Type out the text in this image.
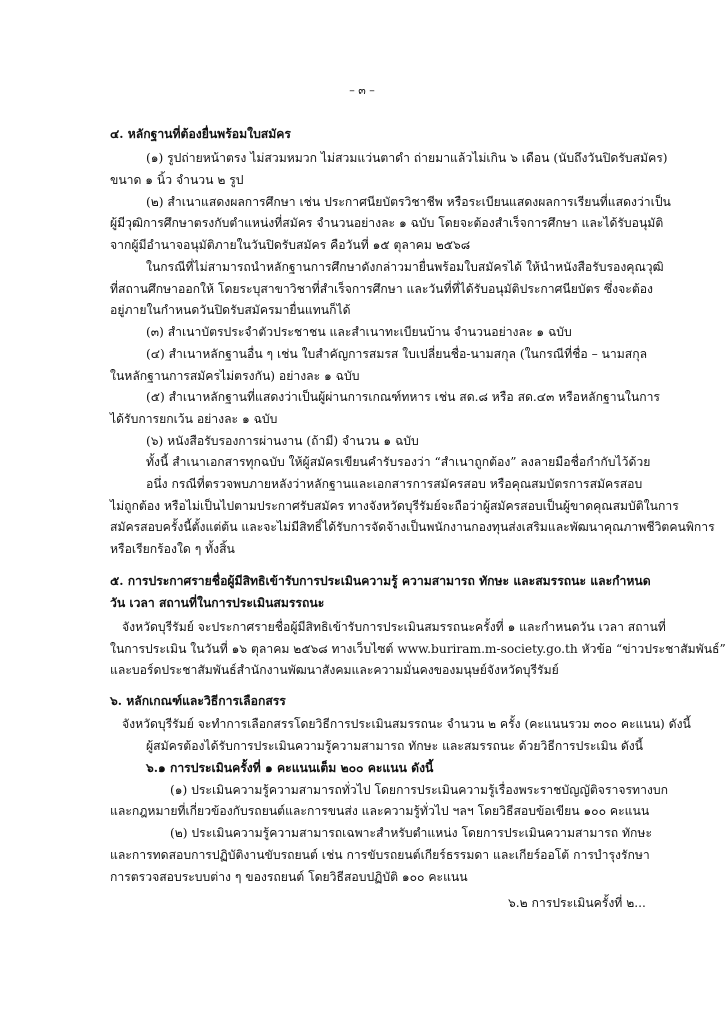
– ๓ –

๔. หลักฐานที่ต้องยื่นพร้อมใบสมัคร

(๑) รูปถ่ายหน้าตรง ไม่สวมหมวก ไม่สวมแว่นตาดำ ถ่ายมาแล้วไม่เกิน ๖ เดือน (นับถึงวันปิดรับสมัคร)

ขนาด ๑ นิ้ว จำนวน ๒ รูป

(๒) สำเนาแสดงผลการศึกษา เช่น ประกาศนียบัตรวิชาชีพ หรือระเบียนแสดงผลการเรียนที่แสดงว่าเป็น

ผู้มีวุฒิการศึกษาตรงกับตำแหน่งที่สมัคร จำนวนอย่างละ ๑ ฉบับ โดยจะต้องสำเร็จการศึกษา และได้รับอนุมัติ

จากผู้มีอำนาจอนุมัติภายในวันปิดรับสมัคร คือวันที่ ๑๕ ตุลาคม ๒๕๖๘

ในกรณีที่ไม่สามารถนำหลักฐานการศึกษาดังกล่าวมายื่นพร้อมใบสมัครได้ ให้นำหนังสือรับรองคุณวุฒิ

ที่สถานศึกษาออกให้ โดยระบุสาขาวิชาที่สำเร็จการศึกษา และวันที่ที่ได้รับอนุมัติประกาศนียบัตร ซึ่งจะต้อง

อยู่ภายในกำหนดวันปิดรับสมัครมายื่นแทนก็ได้

(๓) สำเนาบัตรประจำตัวประชาชน และสำเนาทะเบียนบ้าน จำนวนอย่างละ ๑ ฉบับ

(๔) สำเนาหลักฐานอื่น ๆ เช่น ใบสำคัญการสมรส ใบเปลี่ยนชื่อ-นามสกุล (ในกรณีที่ชื่อ – นามสกุล

ในหลักฐานการสมัครไม่ตรงกัน) อย่างละ ๑ ฉบับ

(๕) สำเนาหลักฐานที่แสดงว่าเป็นผู้ผ่านการเกณฑ์ทหาร เช่น สด.๘ หรือ สด.๔๓ หรือหลักฐานในการ

ได้รับการยกเว้น อย่างละ ๑ ฉบับ

(๖) หนังสือรับรองการผ่านงาน (ถ้ามี) จำนวน ๑ ฉบับ

ทั้งนี้ สำเนาเอกสารทุกฉบับ ให้ผู้สมัครเขียนคำรับรองว่า “สำเนาถูกต้อง” ลงลายมือชื่อกำกับไว้ด้วย

อนึ่ง กรณีที่ตรวจพบภายหลังว่าหลักฐานและเอกสารการสมัครสอบ หรือคุณสมบัตรการสมัครสอบ

ไม่ถูกต้อง หรือไม่เป็นไปตามประกาศรับสมัคร ทางจังหวัดบุรีรัมย์จะถือว่าผู้สมัครสอบเป็นผู้ขาดคุณสมบัติในการ

สมัครสอบครั้งนี้ตั้งแต่ต้น และจะไม่มีสิทธิ์ได้รับการจัดจ้างเป็นพนักงานกองทุนส่งเสริมและพัฒนาคุณภาพชีวิตคนพิการ

หรือเรียกร้องใด ๆ ทั้งสิ้น

๕. การประกาศรายชื่อผู้มีสิทธิเข้ารับการประเมินความรู้ ความสามารถ ทักษะ และสมรรถนะ และกำหนด

วัน เวลา สถานที่ในการประเมินสมรรถนะ

จังหวัดบุรีรัมย์ จะประกาศรายชื่อผู้มีสิทธิเข้ารับการประเมินสมรรถนะครั้งที่ ๑ และกำหนดวัน เวลา สถานที่

ในการประเมิน ในวันที่ ๑๖ ตุลาคม ๒๕๖๘ ทางเว็บไซต์ www.buriram.m-society.go.th หัวข้อ “ข่าวประชาสัมพันธ์”

และบอร์ดประชาสัมพันธ์สำนักงานพัฒนาสังคมและความมั่นคงของมนุษย์จังหวัดบุรีรัมย์

๖. หลักเกณฑ์และวิธีการเลือกสรร

จังหวัดบุรีรัมย์ จะทำการเลือกสรรโดยวิธีการประเมินสมรรถนะ จำนวน ๒ ครั้ง (คะแนนรวม ๓๐๐ คะแนน) ดังนี้

ผู้สมัครต้องได้รับการประเมินความรู้ความสามารถ ทักษะ และสมรรถนะ ด้วยวิธีการประเมิน ดังนี้

๖.๑ การประเมินครั้งที่ ๑ คะแนนเต็ม ๒๐๐ คะแนน ดังนี้

(๑) ประเมินความรู้ความสามารถทั่วไป โดยการประเมินความรู้เรื่องพระราชบัญญัติจราจรทางบก

และกฎหมายที่เกี่ยวข้องกับรถยนต์และการขนส่ง และความรู้ทั่วไป ฯลฯ โดยวิธีสอบข้อเขียน ๑๐๐ คะแนน

(๒) ประเมินความรู้ความสามารถเฉพาะสำหรับตำแหน่ง โดยการประเมินความสามารถ ทักษะ

และการทดสอบการปฏิบัติงานขับรถยนต์ เช่น การขับรถยนต์เกียร์ธรรมดา และเกียร์ออโต้ การบำรุงรักษา

การตรวจสอบระบบต่าง ๆ ของรถยนต์ โดยวิธีสอบปฏิบัติ ๑๐๐ คะแนน

๖.๒ การประเมินครั้งที่ ๒...
